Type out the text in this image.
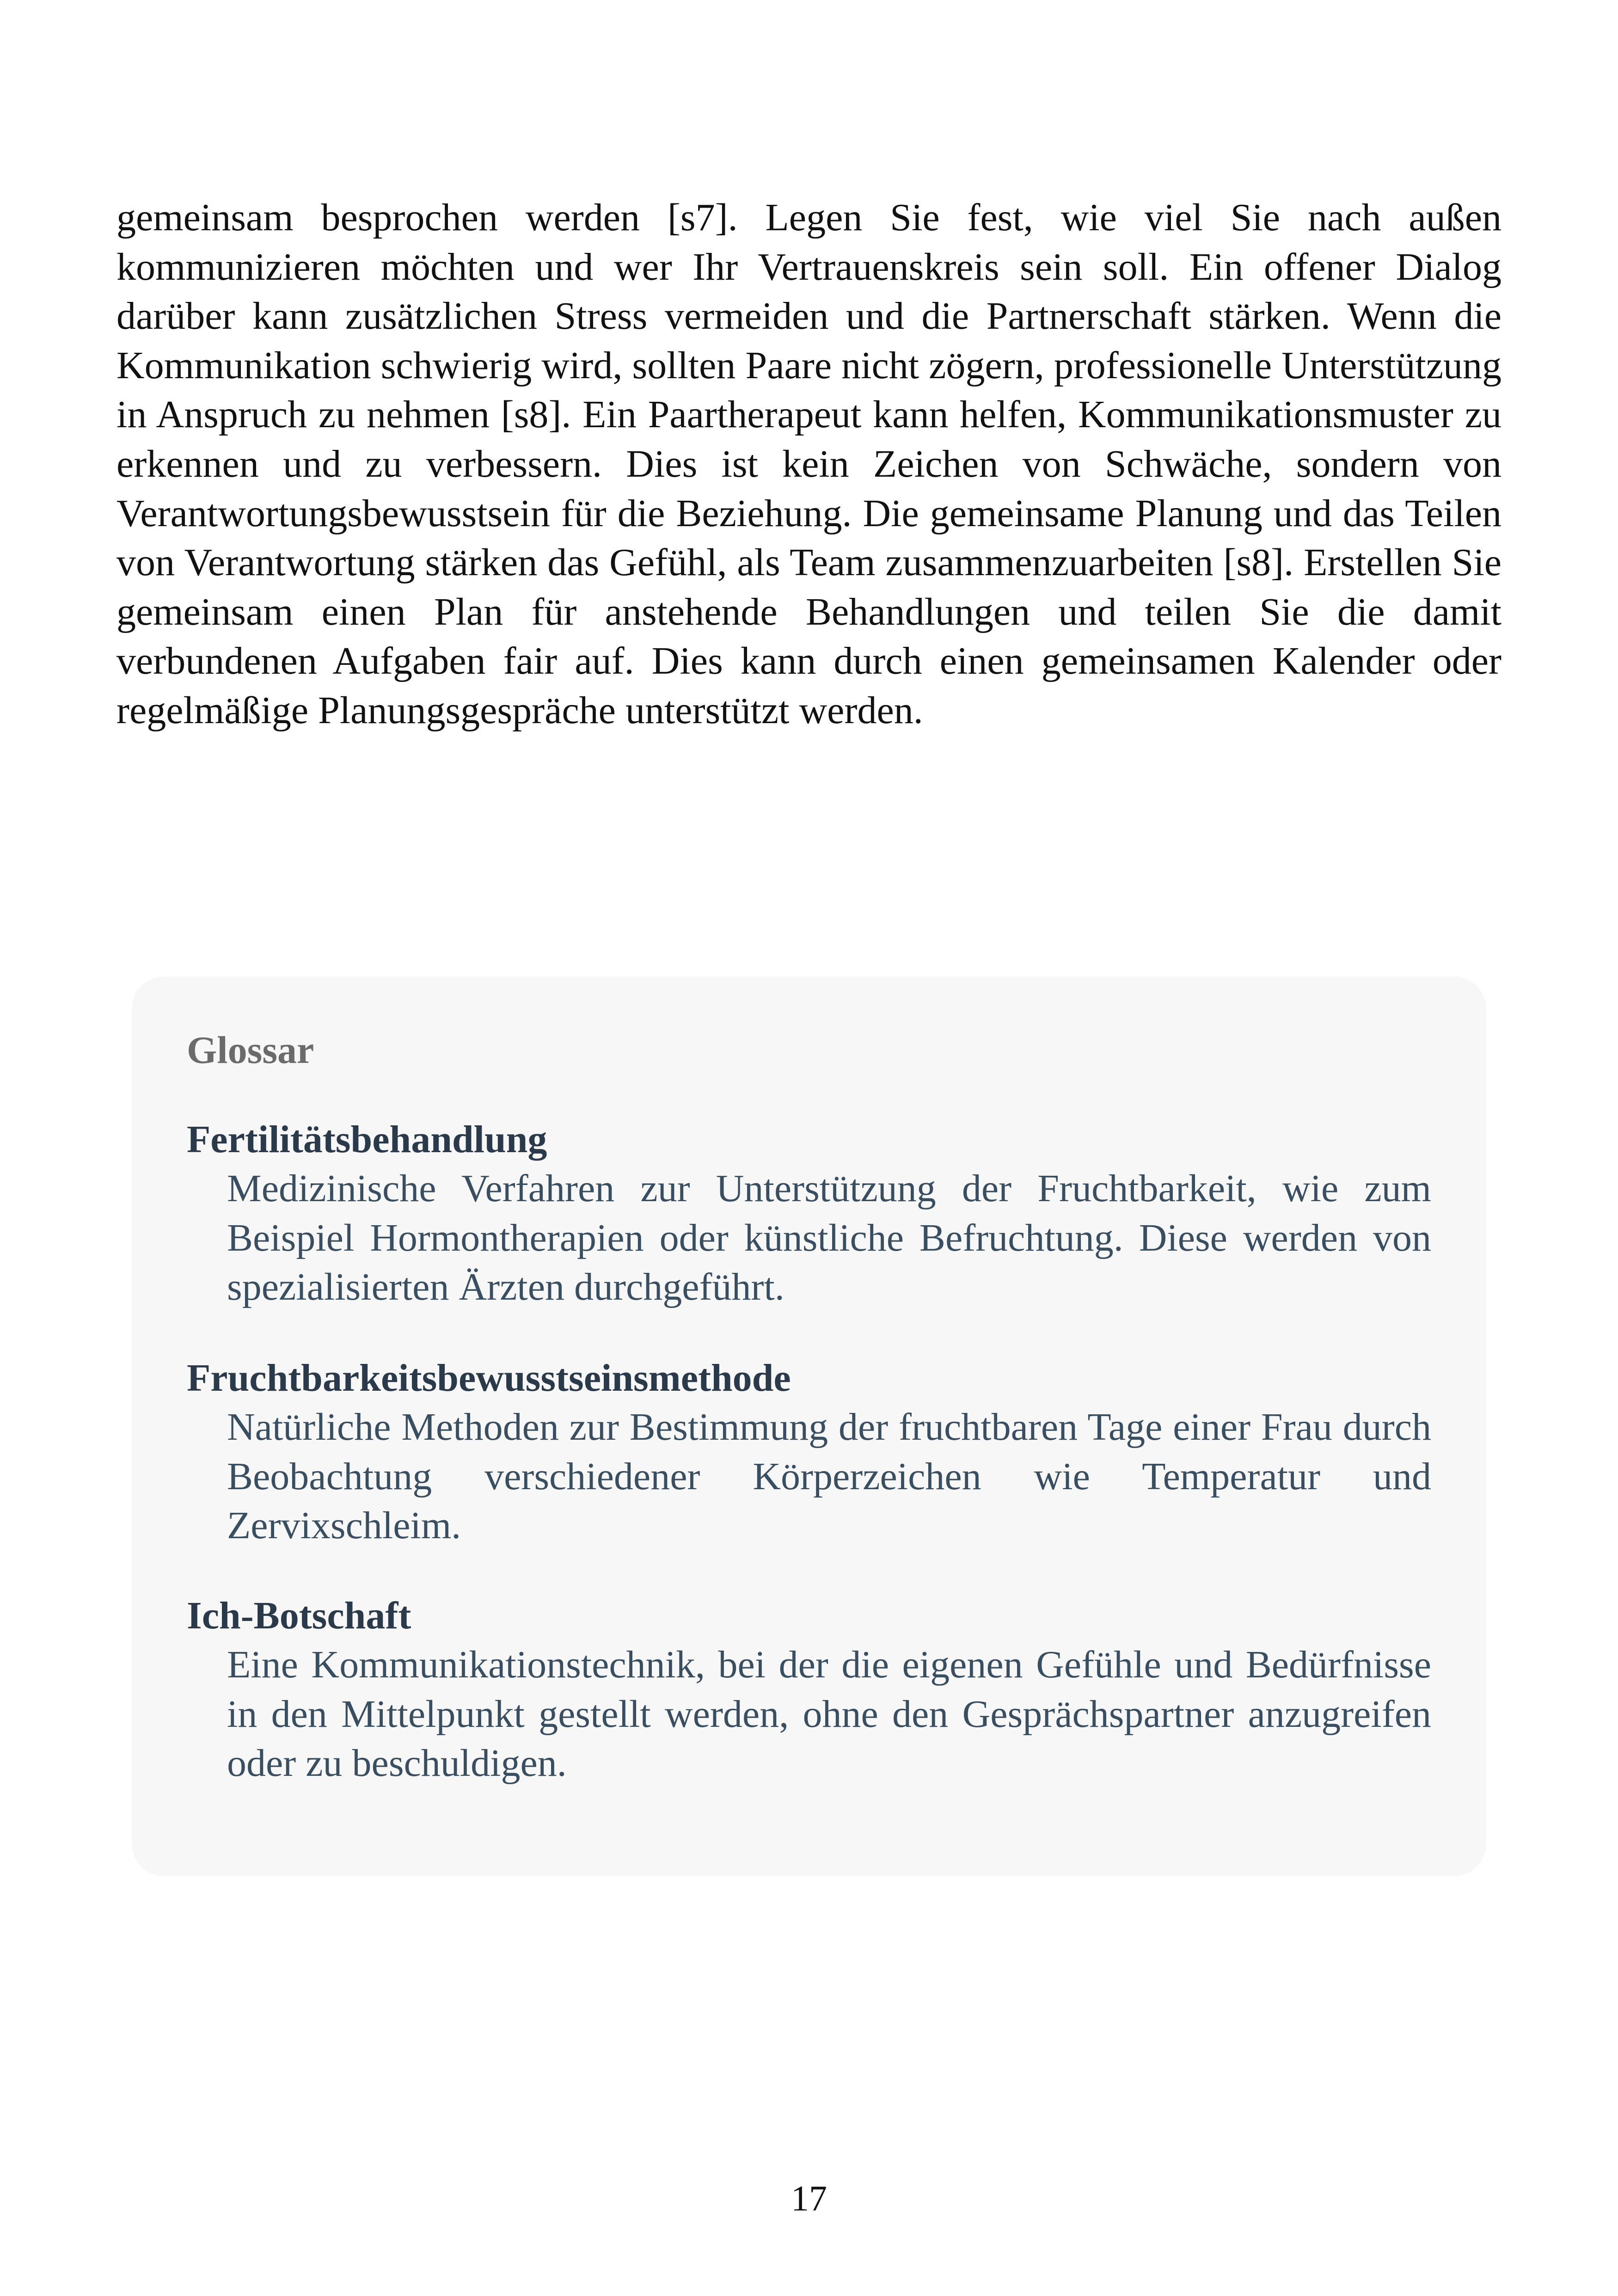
gemeinsam besprochen werden [s7]. Legen Sie fest, wie viel Sie nach außen kommunizieren möchten und wer Ihr Vertrauenskreis sein soll. Ein offener Dialog darüber kann zusätzlichen Stress vermeiden und die Partnerschaft stärken. Wenn die Kommunikation schwierig wird, sollten Paare nicht zögern, professionelle Unterstützung in Anspruch zu nehmen [s8]. Ein Paartherapeut kann helfen, Kommunikationsmuster zu erkennen und zu verbessern. Dies ist kein Zeichen von Schwäche, sondern von Verantwortungsbewusstsein für die Beziehung. Die gemeinsame Planung und das Teilen von Verantwortung stärken das Gefühl, als Team zusammenzuarbeiten [s8]. Erstellen Sie gemeinsam einen Plan für anstehende Behandlungen und teilen Sie die damit verbundenen Aufgaben fair auf. Dies kann durch einen gemeinsamen Kalender oder regelmäßige Planungsgespräche unterstützt werden.

Glossar

Fertilitätsbehandlung

Medizinische Verfahren zur Unterstützung der Fruchtbarkeit, wie zum Beispiel Hormontherapien oder künstliche Befruchtung. Diese werden von spezialisierten Ärzten durchgeführt.

Fruchtbarkeitsbewusstseinsmethode

Natürliche Methoden zur Bestimmung der fruchtbaren Tage einer Frau durch Beobachtung verschiedener Körperzeichen wie Temperatur und Zervixschleim.

Ich-Botschaft

Eine Kommunikationstechnik, bei der die eigenen Gefühle und Bedürfnisse in den Mittelpunkt gestellt werden, ohne den Gesprächspartner anzugreifen oder zu beschuldigen.

17
